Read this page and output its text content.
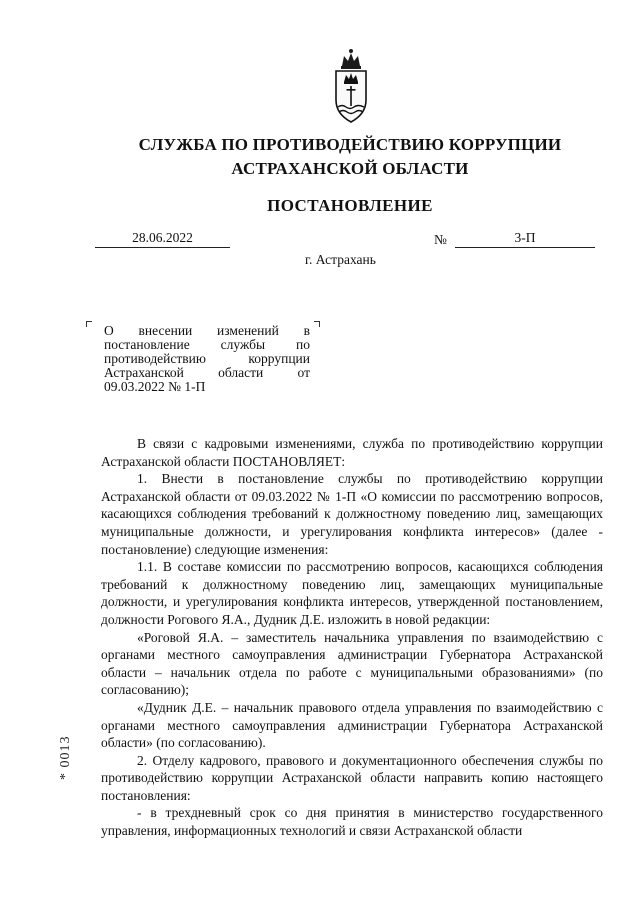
СЛУЖБА ПО ПРОТИВОДЕЙСТВИЮ КОРРУПЦИИ
АСТРАХАНСКОЙ ОБЛАСТИ
ПОСТАНОВЛЕНИЕ
28.06.2022	№	3-П
г. Астрахань
О внесении изменений в постановление службы по противодействию коррупции Астраханской области от 09.03.2022 № 1-П

В связи с кадровыми изменениями, служба по противодействию коррупции Астраханской области ПОСТАНОВЛЯЕТ:

1. Внести в постановление службы по противодействию коррупции Астраханской области от 09.03.2022 № 1-П «О комиссии по рассмотрению вопросов, касающихся соблюдения требований к должностному поведению лиц, замещающих муниципальные должности, и урегулирования конфликта интересов» (далее - постановление) следующие изменения:

1.1. В составе комиссии по рассмотрению вопросов, касающихся соблюдения требований к должностному поведению лиц, замещающих муниципальные должности, и урегулирования конфликта интересов, утвержденной постановлением, должности Рогового Я.А., Дудник Д.Е. изложить в новой редакции:

«Роговой Я.А. – заместитель начальника управления по взаимодействию с органами местного самоуправления администрации Губернатора Астраханской области – начальник отдела по работе с муниципальными образованиями» (по согласованию);

«Дудник Д.Е. – начальник правового отдела управления по взаимодействию с органами местного самоуправления администрации Губернатора Астраханской области» (по согласованию).

2. Отделу кадрового, правового и документационного обеспечения службы по противодействию коррупции Астраханской области направить копию настоящего постановления:

- в трехдневный срок со дня принятия в министерство государственного управления, информационных технологий и связи Астраханской области

* 0013
